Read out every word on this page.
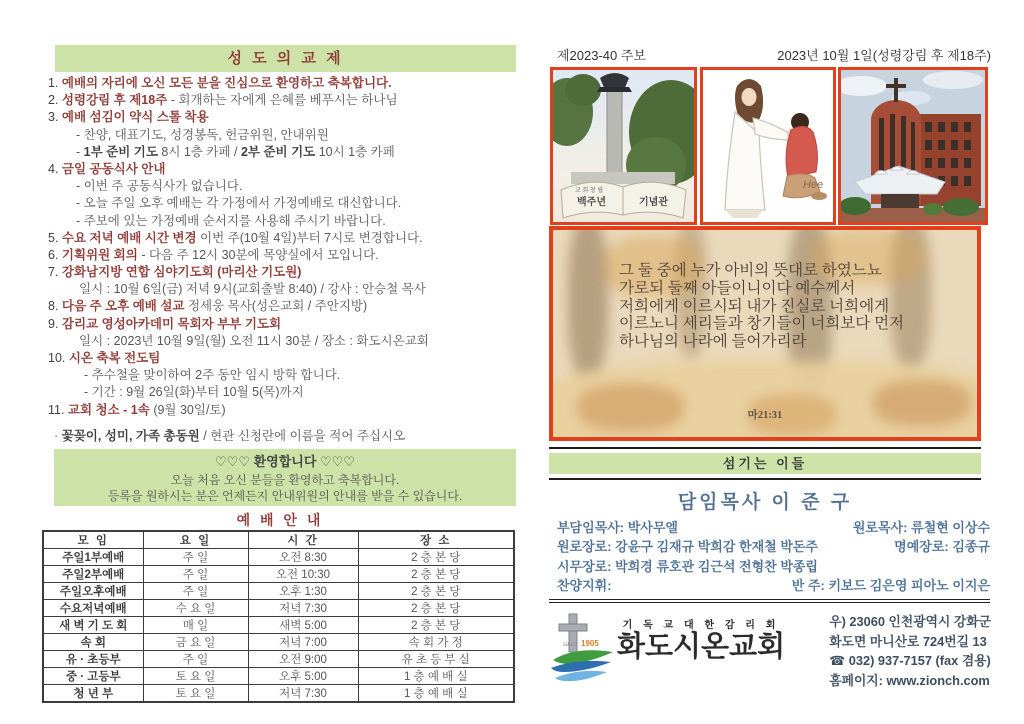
성 도 의 교 제
1. 예배의 자리에 오신 모든 분을 진심으로 환영하고 축복합니다.
2. 성령강림 후 제18주 - 회개하는 자에게 은혜를 베푸시는 하나님
3. 예배 섬김이 약식 스톨 착용
- 찬양, 대표기도, 성경봉독, 헌금위원, 안내위원
- 1부 준비 기도 8시 1층 카페 / 2부 준비 기도 10시 1층 카페
4. 금일 공동식사 안내
- 이번 주 공동식사가 없습니다.
- 오늘 주일 오후 예배는 각 가정에서 가정예배로 대신합니다.
- 주보에 있는 가정예배 순서지를 사용해 주시기 바랍니다.
5. 수요 저녁 예배 시간 변경 이번 주(10월 4일)부터 7시로 변경합니다.
6. 기획위원 회의 - 다음 주 12시 30분에 목양실에서 모입니다.
7. 강화남지방 연합 심야기도회 (마리산 기도원)
일시 : 10월 6일(금) 저녁 9시(교회출발 8:40) / 강사 : 안승철 목사
8. 다음 주 오후 예배 설교 정세웅 목사(성은교회 / 주안지방)
9. 감리교 영성아카데미 목회자 부부 기도회
일시 : 2023년 10월 9일(월) 오전 11시 30분 / 장소 : 화도시온교회
10. 시온 축복 전도팀
- 추수철을 맞이하여 2주 동안 임시 방학 합니다.
- 기간 : 9월 26일(화)부터 10월 5(목)까지
11. 교회 청소 - 1속 (9월 30일/토)
· 꽃꽂이, 성미, 가족 총동원 / 현관 신청란에 이름을 적어 주십시오
♡♡♡ 환영합니다 ♡♡♡
오늘 처음 오신 분들을 환영하고 축복합니다.
등록을 원하시는 분은 언제든지 안내위원의 안내를 받을 수 있습니다.
예 배 안 내
모 임	요 일	시 간	장 소
주일1부예배	주 일	오전 8:30	2 층 본 당
주일2부예배	주 일	오전 10:30	2 층 본 당
주일오후예배	주 일	오후 1:30	2 층 본 당
수요저녁예배	수 요 일	저녁 7:30	2 층 본 당
새 벽 기 도 회	매 일	새벽 5:00	2 층 본 당
속 회	금 요 일	저녁 7:00	속 회 가 정
유 · 초등부	주 일	오전 9:00	유 초 등 부 실
중 · 고등부	토 요 일	오후 5:00	1 층 예 배 실
청 년 부	토 요 일	저녁 7:30	1 층 예 배 실
제2023-40 주보	2023년 10월 1일(성령강림 후 제18주)
교 회 창 립
백주년	기념관
Hee
그 둘 중에 누가 아비의 뜻대로 하였느뇨
가로되 둘째 아들이니이다 예수께서
저희에게 이르시되 내가 진실로 너희에게
이르노니 세리들과 창기들이 너희보다 먼저
하나님의 나라에 들어가리라
마21:31
섬기는 이들
담임목사 이 준 구
부담임목사: 박사무엘	원로목사: 류철현 이상수
원로장로: 강윤구 김재규 박희감 한재철 박돈주	명예장로: 김종규
시무장로: 박희경 류호관 김근석 전형찬 박종립
찬양지휘:	반 주: 키보드 김은영 피아노 이지은
since 1905
기 독 교 대 한 감 리 회
화도시온교회
우) 23060 인천광역시 강화군
화도면 마니산로 724번길 13
☎ 032) 937-7157 (fax 겸용)
홈페이지: www.zionch.com
